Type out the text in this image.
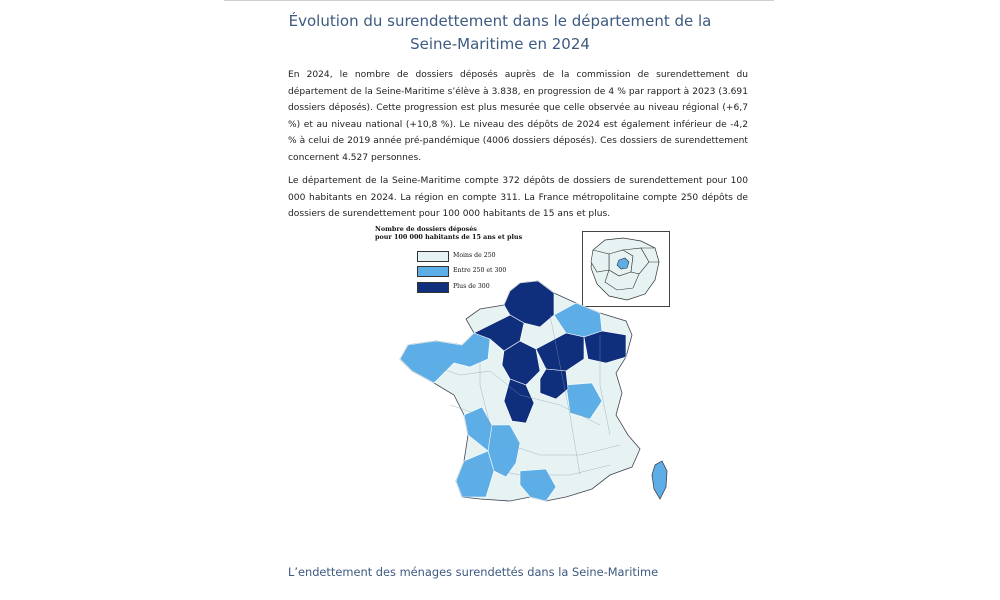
Évolution du surendettement dans le département de la Seine-Maritime en 2024

En 2024, le nombre de dossiers déposés auprès de la commission de surendettement du département de la Seine-Maritime s’élève à 3.838, en progression de 4 % par rapport à 2023 (3.691 dossiers déposés). Cette progression est plus mesurée que celle observée au niveau régional (+6,7 %) et au niveau national (+10,8 %). Le niveau des dépôts de 2024 est également inférieur de -4,2 % à celui de 2019 année pré-pandémique (4006 dossiers déposés). Ces dossiers de surendettement concernent 4.527 personnes.

Le département de la Seine-Maritime compte 372 dépôts de dossiers de surendettement pour 100 000 habitants en 2024. La région en compte 311. La France métropolitaine compte 250 dépôts de dossiers de surendettement pour 100 000 habitants de 15 ans et plus.

Nombre de dossiers déposés
pour 100 000 habitants de 15 ans et plus
Moins de 250
Entre 250 et 300
Plus de 300
L’endettement des ménages surendettés dans la Seine-Maritime
